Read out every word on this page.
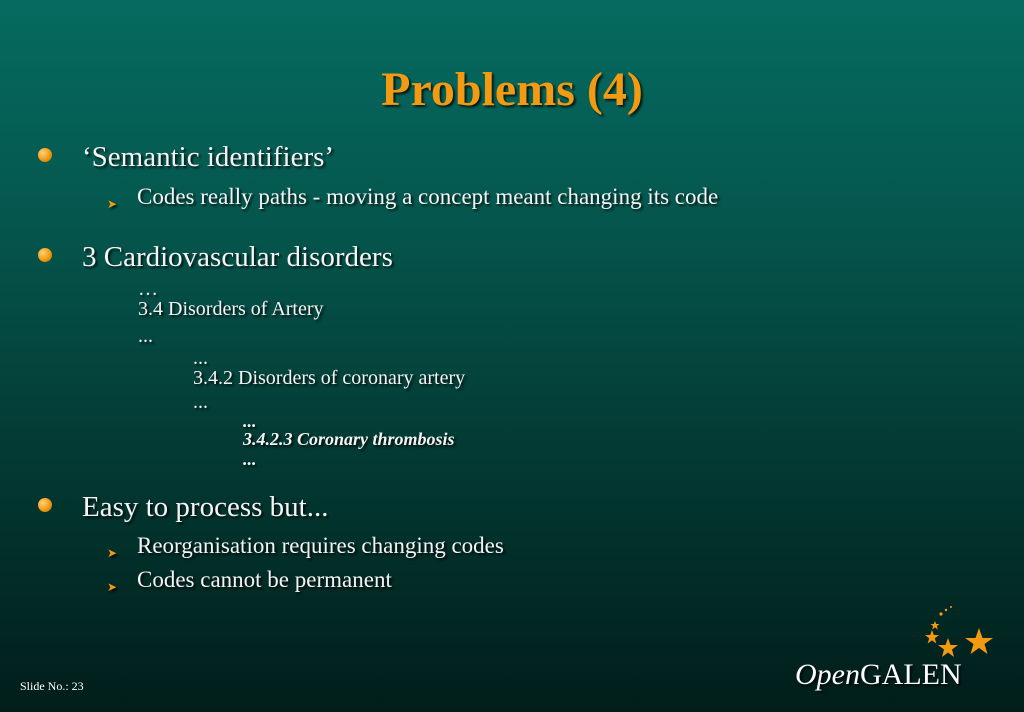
Problems (4)
‘Semantic identifiers’
➤ Codes really paths - moving a concept meant changing its code
3 Cardiovascular disorders
…
3.4 Disorders of Artery
...
...
3.4.2 Disorders of coronary artery
...
...
3.4.2.3 Coronary thrombosis
...
Easy to process but...
➤ Reorganisation requires changing codes
➤ Codes cannot be permanent
Slide No.: 23	OpenGALEN
